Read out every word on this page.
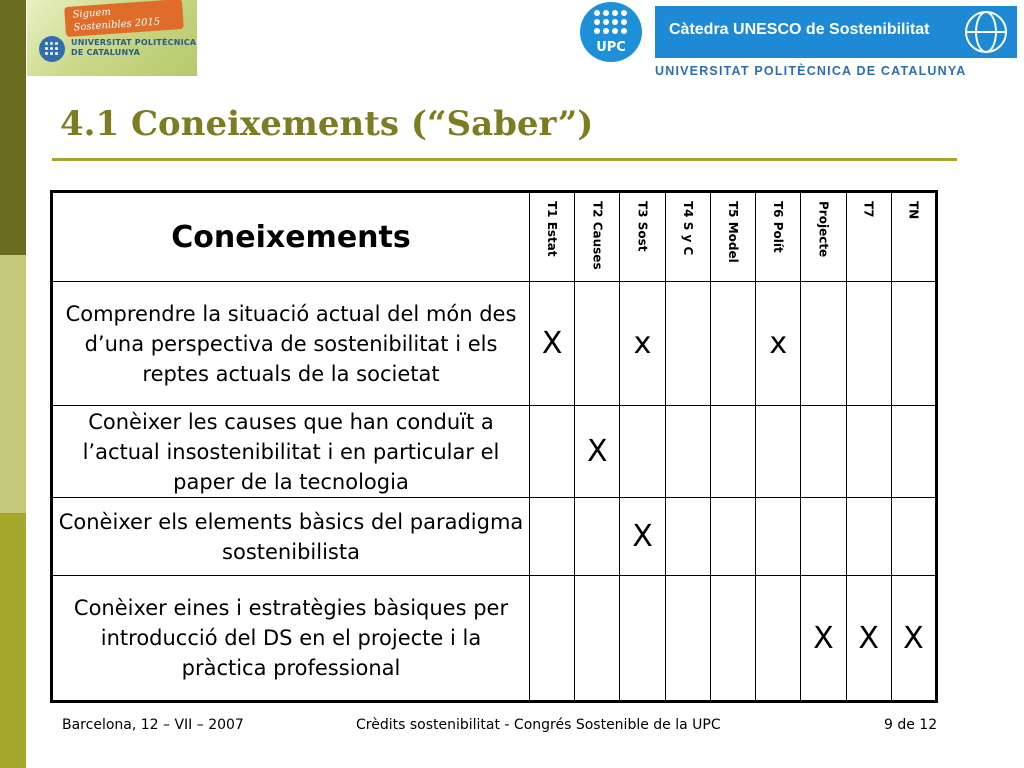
Siguem
Sostenibles 2015
UNIVERSITAT POLITÈCNICA
DE CATALUNYA	UPC
Càtedra UNESCO de Sostenibilitat
UNIVERSITAT POLITÈCNICA DE CATALUNYA
4.1 Coneixements (“Saber”)
Coneixements	T1 Estat	T2 Causes	T3 Sost	T4 S y C	T5 Model	T6 Polít	Projecte	T7	TN

Comprendre la situació actual del món des d’una perspectiva de sostenibilitat i els reptes actuals de la societat	X		x			x			
Conèixer les causes que han conduït a l’actual insostenibilitat i en particular el paper de la tecnologia		X							
Conèixer els elements bàsics del paradigma sostenibilista			X						
Conèixer eines i estratègies bàsiques per introducció del DS en el projecte i la pràctica professional							X	X	X
Barcelona, 12 – VII – 2007	Crèdits sostenibilitat - Congrés Sostenible de la UPC	9 de 12
